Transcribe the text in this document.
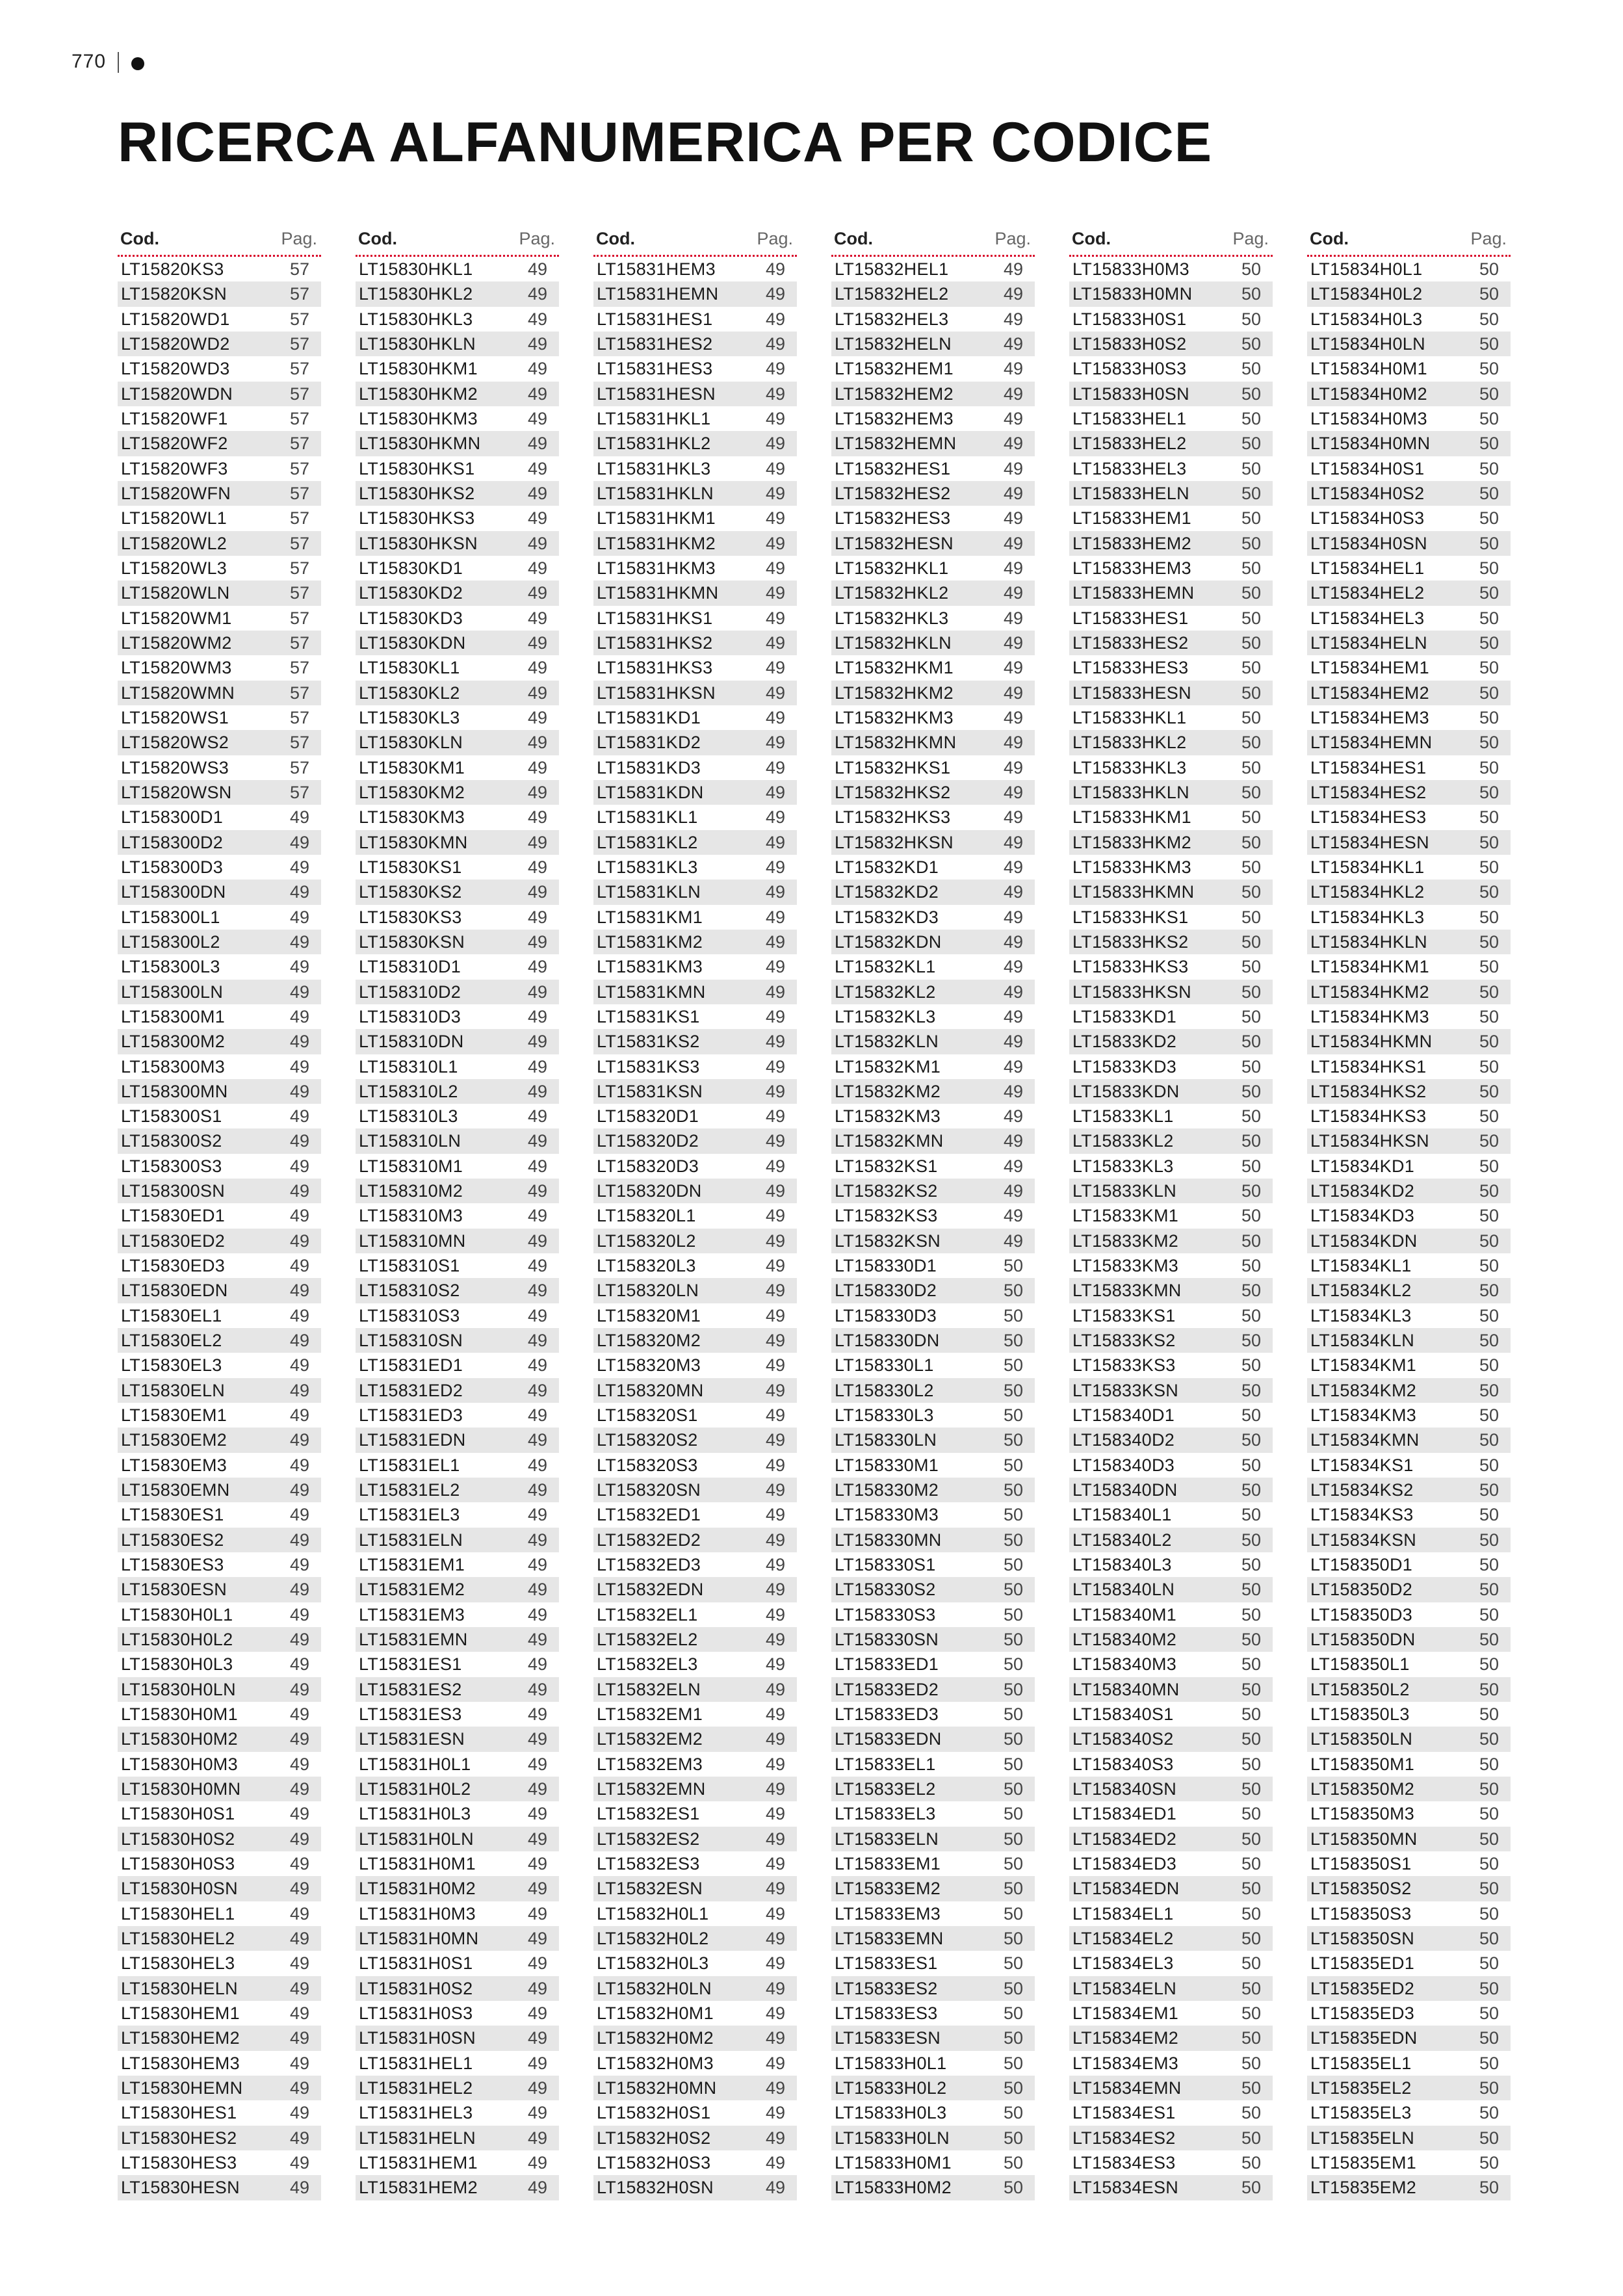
770
RICERCA ALFANUMERICA PER CODICE
Cod.	Pag.
LT15820KS3	57
LT15820KSN	57
LT15820WD1	57
LT15820WD2	57
LT15820WD3	57
LT15820WDN	57
LT15820WF1	57
LT15820WF2	57
LT15820WF3	57
LT15820WFN	57
LT15820WL1	57
LT15820WL2	57
LT15820WL3	57
LT15820WLN	57
LT15820WM1	57
LT15820WM2	57
LT15820WM3	57
LT15820WMN	57
LT15820WS1	57
LT15820WS2	57
LT15820WS3	57
LT15820WSN	57
LT158300D1	49
LT158300D2	49
LT158300D3	49
LT158300DN	49
LT158300L1	49
LT158300L2	49
LT158300L3	49
LT158300LN	49
LT158300M1	49
LT158300M2	49
LT158300M3	49
LT158300MN	49
LT158300S1	49
LT158300S2	49
LT158300S3	49
LT158300SN	49
LT15830ED1	49
LT15830ED2	49
LT15830ED3	49
LT15830EDN	49
LT15830EL1	49
LT15830EL2	49
LT15830EL3	49
LT15830ELN	49
LT15830EM1	49
LT15830EM2	49
LT15830EM3	49
LT15830EMN	49
LT15830ES1	49
LT15830ES2	49
LT15830ES3	49
LT15830ESN	49
LT15830H0L1	49
LT15830H0L2	49
LT15830H0L3	49
LT15830H0LN	49
LT15830H0M1	49
LT15830H0M2	49
LT15830H0M3	49
LT15830H0MN	49
LT15830H0S1	49
LT15830H0S2	49
LT15830H0S3	49
LT15830H0SN	49
LT15830HEL1	49
LT15830HEL2	49
LT15830HEL3	49
LT15830HELN	49
LT15830HEM1	49
LT15830HEM2	49
LT15830HEM3	49
LT15830HEMN	49
LT15830HES1	49
LT15830HES2	49
LT15830HES3	49
LT15830HESN	49
Cod.	Pag.
LT15830HKL1	49
LT15830HKL2	49
LT15830HKL3	49
LT15830HKLN	49
LT15830HKM1	49
LT15830HKM2	49
LT15830HKM3	49
LT15830HKMN	49
LT15830HKS1	49
LT15830HKS2	49
LT15830HKS3	49
LT15830HKSN	49
LT15830KD1	49
LT15830KD2	49
LT15830KD3	49
LT15830KDN	49
LT15830KL1	49
LT15830KL2	49
LT15830KL3	49
LT15830KLN	49
LT15830KM1	49
LT15830KM2	49
LT15830KM3	49
LT15830KMN	49
LT15830KS1	49
LT15830KS2	49
LT15830KS3	49
LT15830KSN	49
LT158310D1	49
LT158310D2	49
LT158310D3	49
LT158310DN	49
LT158310L1	49
LT158310L2	49
LT158310L3	49
LT158310LN	49
LT158310M1	49
LT158310M2	49
LT158310M3	49
LT158310MN	49
LT158310S1	49
LT158310S2	49
LT158310S3	49
LT158310SN	49
LT15831ED1	49
LT15831ED2	49
LT15831ED3	49
LT15831EDN	49
LT15831EL1	49
LT15831EL2	49
LT15831EL3	49
LT15831ELN	49
LT15831EM1	49
LT15831EM2	49
LT15831EM3	49
LT15831EMN	49
LT15831ES1	49
LT15831ES2	49
LT15831ES3	49
LT15831ESN	49
LT15831H0L1	49
LT15831H0L2	49
LT15831H0L3	49
LT15831H0LN	49
LT15831H0M1	49
LT15831H0M2	49
LT15831H0M3	49
LT15831H0MN	49
LT15831H0S1	49
LT15831H0S2	49
LT15831H0S3	49
LT15831H0SN	49
LT15831HEL1	49
LT15831HEL2	49
LT15831HEL3	49
LT15831HELN	49
LT15831HEM1	49
LT15831HEM2	49
Cod.	Pag.
LT15831HEM3	49
LT15831HEMN	49
LT15831HES1	49
LT15831HES2	49
LT15831HES3	49
LT15831HESN	49
LT15831HKL1	49
LT15831HKL2	49
LT15831HKL3	49
LT15831HKLN	49
LT15831HKM1	49
LT15831HKM2	49
LT15831HKM3	49
LT15831HKMN	49
LT15831HKS1	49
LT15831HKS2	49
LT15831HKS3	49
LT15831HKSN	49
LT15831KD1	49
LT15831KD2	49
LT15831KD3	49
LT15831KDN	49
LT15831KL1	49
LT15831KL2	49
LT15831KL3	49
LT15831KLN	49
LT15831KM1	49
LT15831KM2	49
LT15831KM3	49
LT15831KMN	49
LT15831KS1	49
LT15831KS2	49
LT15831KS3	49
LT15831KSN	49
LT158320D1	49
LT158320D2	49
LT158320D3	49
LT158320DN	49
LT158320L1	49
LT158320L2	49
LT158320L3	49
LT158320LN	49
LT158320M1	49
LT158320M2	49
LT158320M3	49
LT158320MN	49
LT158320S1	49
LT158320S2	49
LT158320S3	49
LT158320SN	49
LT15832ED1	49
LT15832ED2	49
LT15832ED3	49
LT15832EDN	49
LT15832EL1	49
LT15832EL2	49
LT15832EL3	49
LT15832ELN	49
LT15832EM1	49
LT15832EM2	49
LT15832EM3	49
LT15832EMN	49
LT15832ES1	49
LT15832ES2	49
LT15832ES3	49
LT15832ESN	49
LT15832H0L1	49
LT15832H0L2	49
LT15832H0L3	49
LT15832H0LN	49
LT15832H0M1	49
LT15832H0M2	49
LT15832H0M3	49
LT15832H0MN	49
LT15832H0S1	49
LT15832H0S2	49
LT15832H0S3	49
LT15832H0SN	49
Cod.	Pag.
LT15832HEL1	49
LT15832HEL2	49
LT15832HEL3	49
LT15832HELN	49
LT15832HEM1	49
LT15832HEM2	49
LT15832HEM3	49
LT15832HEMN	49
LT15832HES1	49
LT15832HES2	49
LT15832HES3	49
LT15832HESN	49
LT15832HKL1	49
LT15832HKL2	49
LT15832HKL3	49
LT15832HKLN	49
LT15832HKM1	49
LT15832HKM2	49
LT15832HKM3	49
LT15832HKMN	49
LT15832HKS1	49
LT15832HKS2	49
LT15832HKS3	49
LT15832HKSN	49
LT15832KD1	49
LT15832KD2	49
LT15832KD3	49
LT15832KDN	49
LT15832KL1	49
LT15832KL2	49
LT15832KL3	49
LT15832KLN	49
LT15832KM1	49
LT15832KM2	49
LT15832KM3	49
LT15832KMN	49
LT15832KS1	49
LT15832KS2	49
LT15832KS3	49
LT15832KSN	49
LT158330D1	50
LT158330D2	50
LT158330D3	50
LT158330DN	50
LT158330L1	50
LT158330L2	50
LT158330L3	50
LT158330LN	50
LT158330M1	50
LT158330M2	50
LT158330M3	50
LT158330MN	50
LT158330S1	50
LT158330S2	50
LT158330S3	50
LT158330SN	50
LT15833ED1	50
LT15833ED2	50
LT15833ED3	50
LT15833EDN	50
LT15833EL1	50
LT15833EL2	50
LT15833EL3	50
LT15833ELN	50
LT15833EM1	50
LT15833EM2	50
LT15833EM3	50
LT15833EMN	50
LT15833ES1	50
LT15833ES2	50
LT15833ES3	50
LT15833ESN	50
LT15833H0L1	50
LT15833H0L2	50
LT15833H0L3	50
LT15833H0LN	50
LT15833H0M1	50
LT15833H0M2	50
Cod.	Pag.
LT15833H0M3	50
LT15833H0MN	50
LT15833H0S1	50
LT15833H0S2	50
LT15833H0S3	50
LT15833H0SN	50
LT15833HEL1	50
LT15833HEL2	50
LT15833HEL3	50
LT15833HELN	50
LT15833HEM1	50
LT15833HEM2	50
LT15833HEM3	50
LT15833HEMN	50
LT15833HES1	50
LT15833HES2	50
LT15833HES3	50
LT15833HESN	50
LT15833HKL1	50
LT15833HKL2	50
LT15833HKL3	50
LT15833HKLN	50
LT15833HKM1	50
LT15833HKM2	50
LT15833HKM3	50
LT15833HKMN	50
LT15833HKS1	50
LT15833HKS2	50
LT15833HKS3	50
LT15833HKSN	50
LT15833KD1	50
LT15833KD2	50
LT15833KD3	50
LT15833KDN	50
LT15833KL1	50
LT15833KL2	50
LT15833KL3	50
LT15833KLN	50
LT15833KM1	50
LT15833KM2	50
LT15833KM3	50
LT15833KMN	50
LT15833KS1	50
LT15833KS2	50
LT15833KS3	50
LT15833KSN	50
LT158340D1	50
LT158340D2	50
LT158340D3	50
LT158340DN	50
LT158340L1	50
LT158340L2	50
LT158340L3	50
LT158340LN	50
LT158340M1	50
LT158340M2	50
LT158340M3	50
LT158340MN	50
LT158340S1	50
LT158340S2	50
LT158340S3	50
LT158340SN	50
LT15834ED1	50
LT15834ED2	50
LT15834ED3	50
LT15834EDN	50
LT15834EL1	50
LT15834EL2	50
LT15834EL3	50
LT15834ELN	50
LT15834EM1	50
LT15834EM2	50
LT15834EM3	50
LT15834EMN	50
LT15834ES1	50
LT15834ES2	50
LT15834ES3	50
LT15834ESN	50
Cod.	Pag.
LT15834H0L1	50
LT15834H0L2	50
LT15834H0L3	50
LT15834H0LN	50
LT15834H0M1	50
LT15834H0M2	50
LT15834H0M3	50
LT15834H0MN	50
LT15834H0S1	50
LT15834H0S2	50
LT15834H0S3	50
LT15834H0SN	50
LT15834HEL1	50
LT15834HEL2	50
LT15834HEL3	50
LT15834HELN	50
LT15834HEM1	50
LT15834HEM2	50
LT15834HEM3	50
LT15834HEMN	50
LT15834HES1	50
LT15834HES2	50
LT15834HES3	50
LT15834HESN	50
LT15834HKL1	50
LT15834HKL2	50
LT15834HKL3	50
LT15834HKLN	50
LT15834HKM1	50
LT15834HKM2	50
LT15834HKM3	50
LT15834HKMN	50
LT15834HKS1	50
LT15834HKS2	50
LT15834HKS3	50
LT15834HKSN	50
LT15834KD1	50
LT15834KD2	50
LT15834KD3	50
LT15834KDN	50
LT15834KL1	50
LT15834KL2	50
LT15834KL3	50
LT15834KLN	50
LT15834KM1	50
LT15834KM2	50
LT15834KM3	50
LT15834KMN	50
LT15834KS1	50
LT15834KS2	50
LT15834KS3	50
LT15834KSN	50
LT158350D1	50
LT158350D2	50
LT158350D3	50
LT158350DN	50
LT158350L1	50
LT158350L2	50
LT158350L3	50
LT158350LN	50
LT158350M1	50
LT158350M2	50
LT158350M3	50
LT158350MN	50
LT158350S1	50
LT158350S2	50
LT158350S3	50
LT158350SN	50
LT15835ED1	50
LT15835ED2	50
LT15835ED3	50
LT15835EDN	50
LT15835EL1	50
LT15835EL2	50
LT15835EL3	50
LT15835ELN	50
LT15835EM1	50
LT15835EM2	50
